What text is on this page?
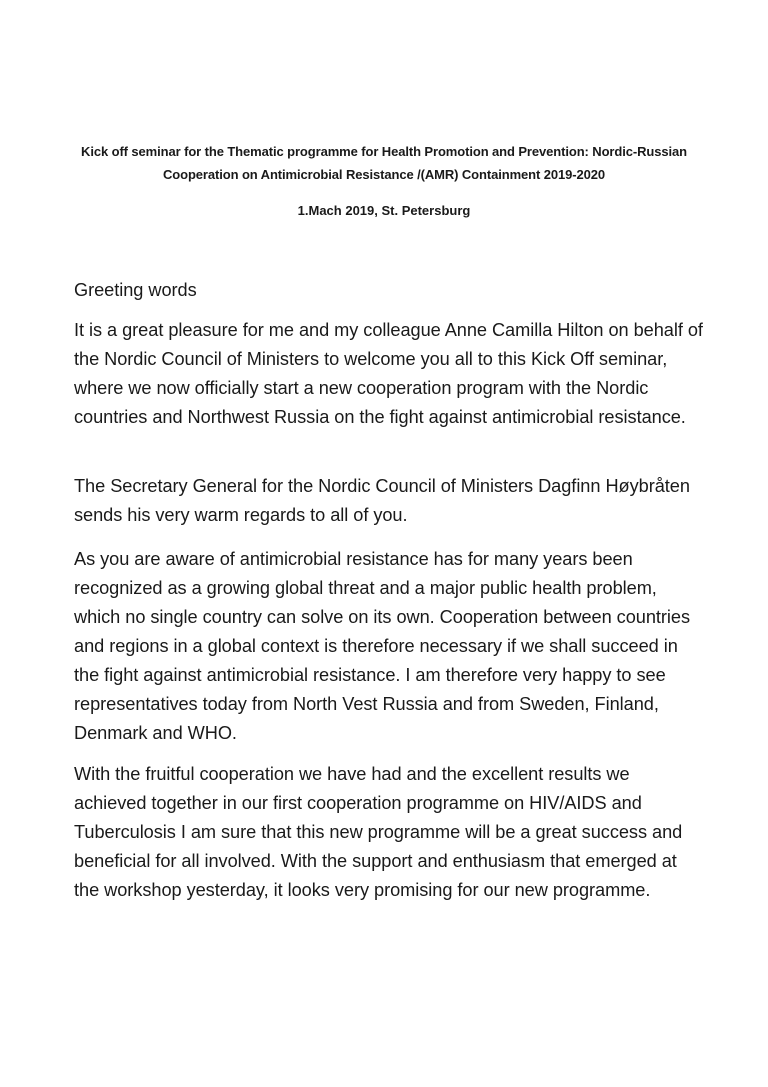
Kick off seminar for the Thematic programme for Health Promotion and Prevention: Nordic-Russian Cooperation on Antimicrobial Resistance /(AMR) Containment 2019-2020
1.Mach 2019, St. Petersburg

Greeting words

It is a great pleasure for me and my colleague Anne Camilla Hilton on behalf of the Nordic Council of Ministers to welcome you all to this Kick Off seminar, where we now officially start a new cooperation program with the Nordic countries and Northwest Russia on the fight against antimicrobial resistance.

The Secretary General for the Nordic Council of Ministers Dagfinn Høybråten sends his very warm regards to all of you.

As you are aware of antimicrobial resistance has for many years been recognized as a growing global threat and a major public health problem, which no single country can solve on its own. Cooperation between countries and regions in a global context is therefore necessary if we shall succeed in the fight against antimicrobial resistance. I am therefore very happy to see representatives today from North Vest Russia and from Sweden, Finland, Denmark and WHO.

With the fruitful cooperation we have had and the excellent results we achieved together in our first cooperation programme on HIV/AIDS and Tuberculosis I am sure that this new programme will be a great success and beneficial for all involved. With the support and enthusiasm that emerged at the workshop yesterday, it looks very promising for our new programme.
